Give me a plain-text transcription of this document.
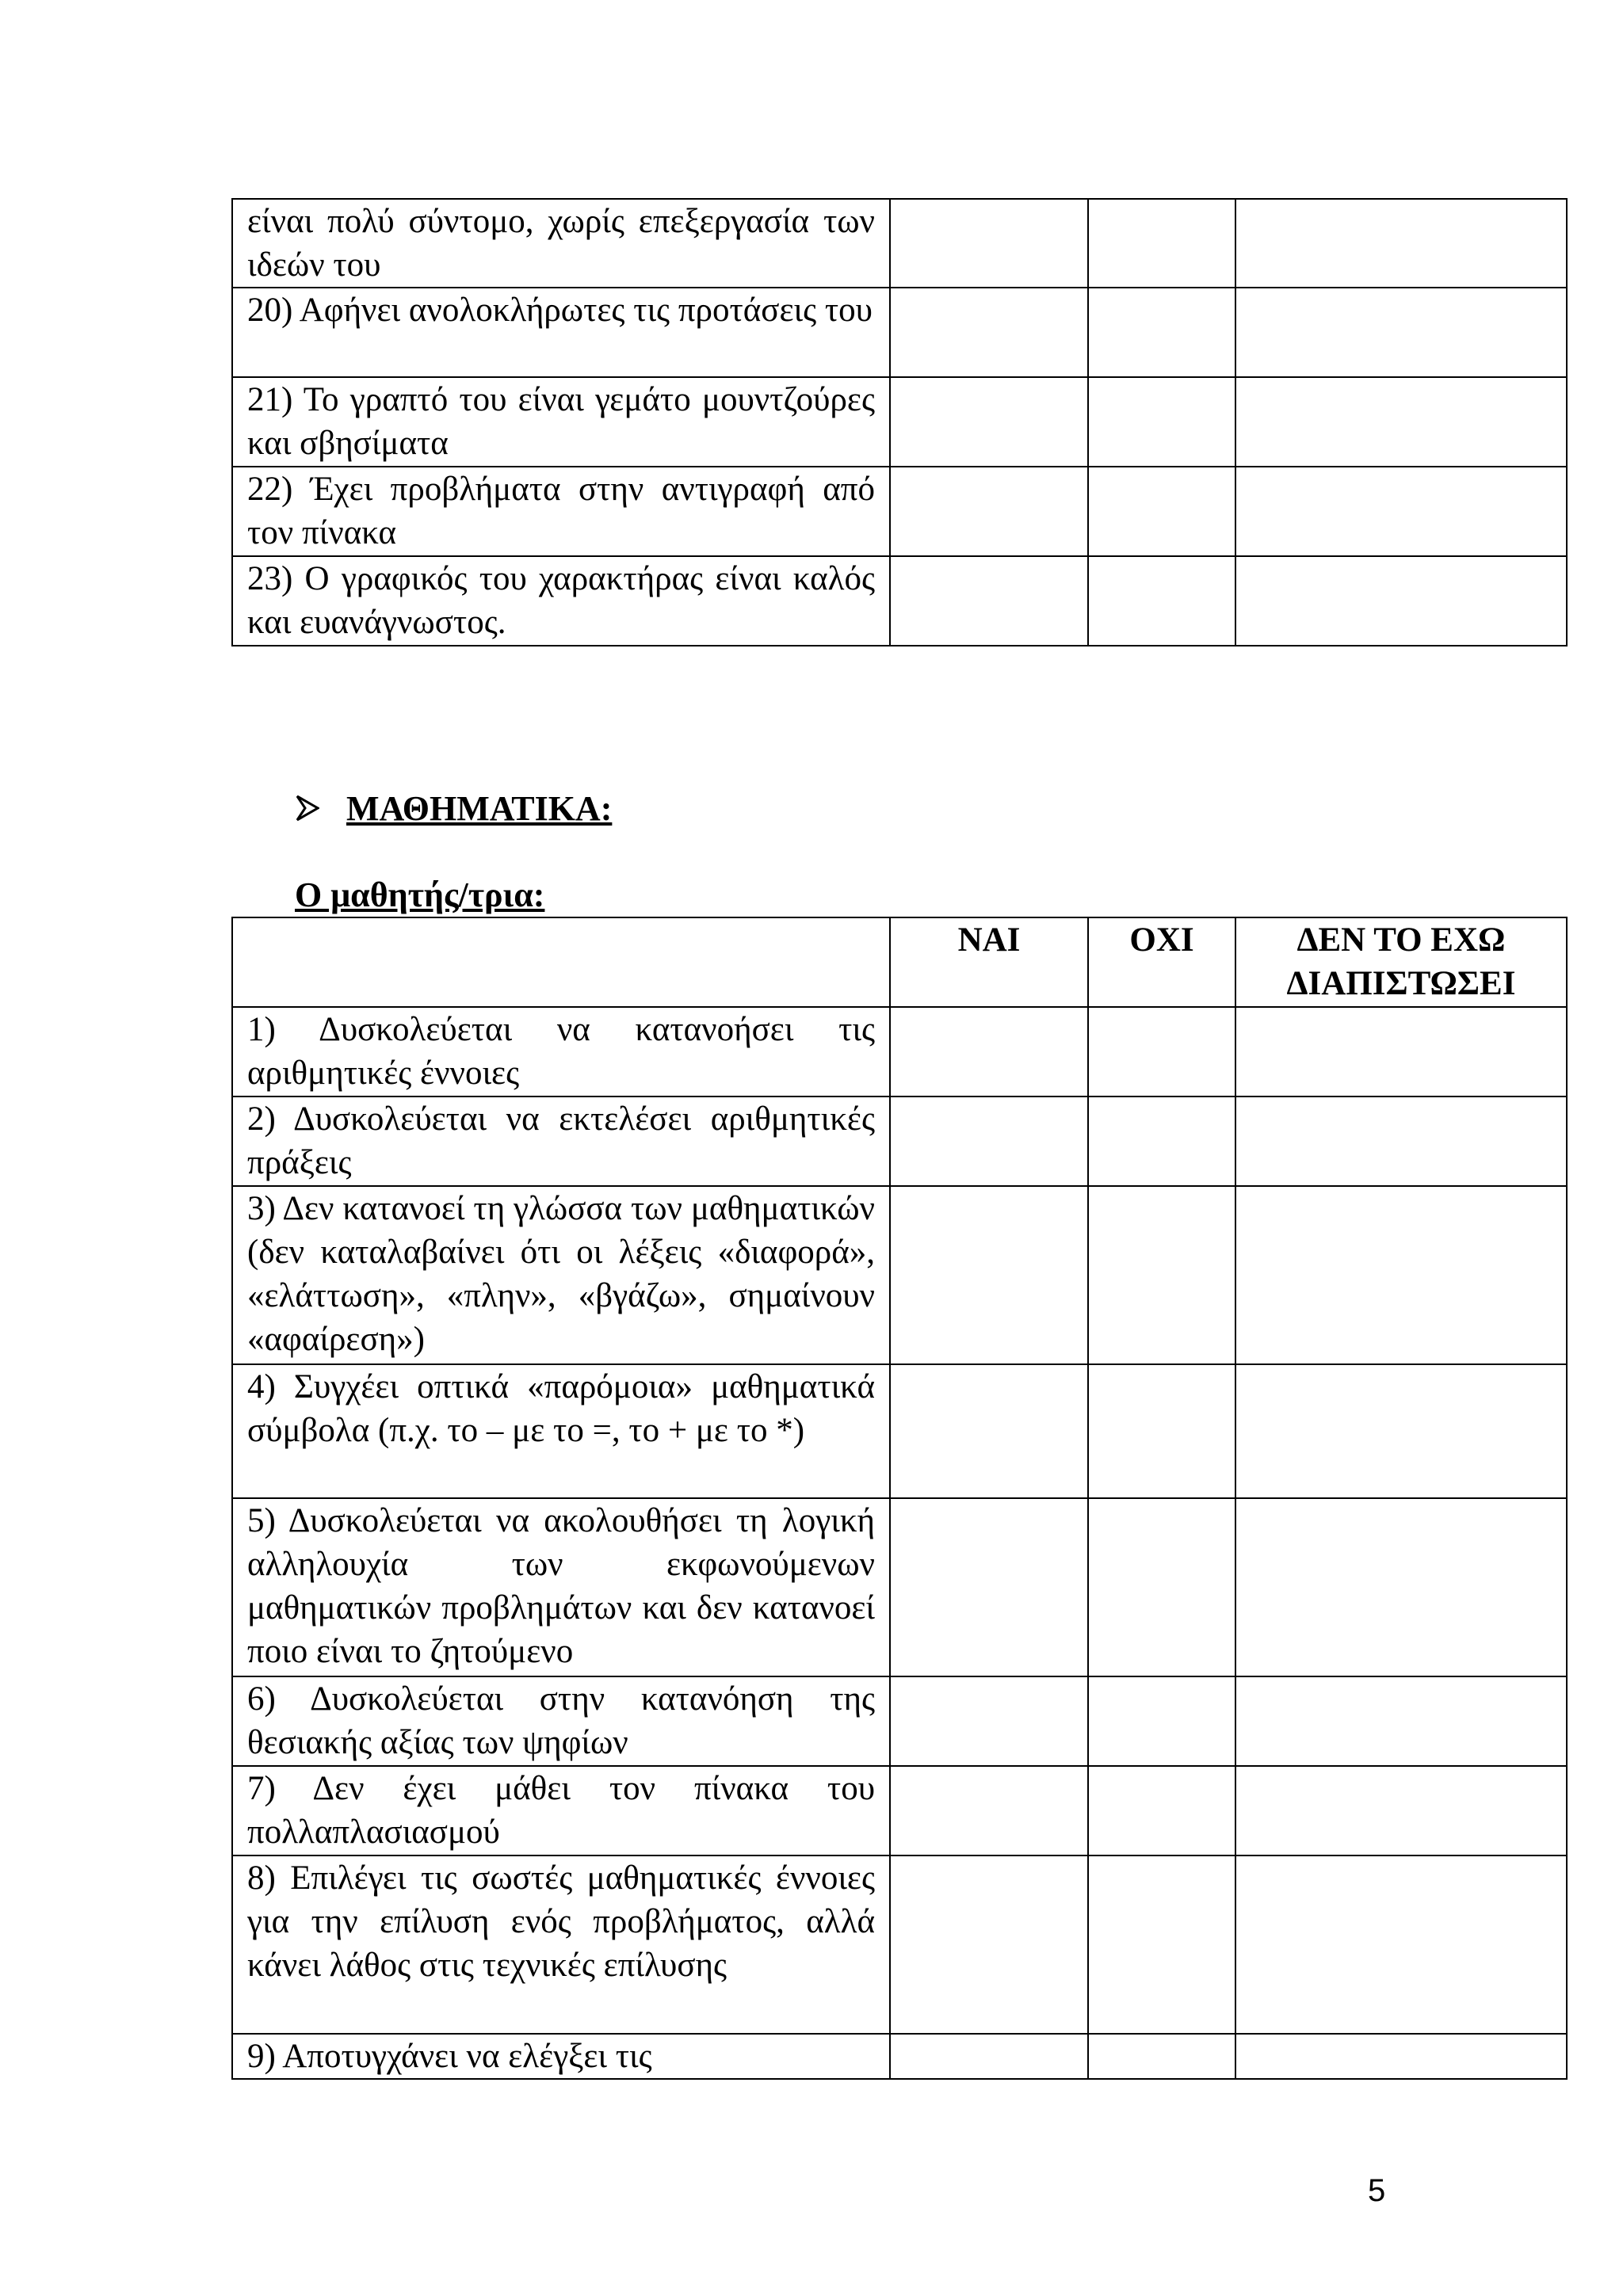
είναι πολύ σύντομο, χωρίς επεξεργασία των ιδεών του			
20) Αφήνει ανολοκλήρωτες τις προτάσεις του			
21) Το γραπτό του είναι γεμάτο μουντζούρες και σβησίματα			
22) Έχει προβλήματα στην αντιγραφή από τον πίνακα			
23) Ο γραφικός του χαρακτήρας είναι καλός και ευανάγνωστος.			
ΜΑΘΗΜΑΤΙΚΑ:
Ο μαθητής/τρια:
	ΝΑΙ	ΟΧΙ	ΔΕΝ ΤΟ ΕΧΩ ΔΙΑΠΙΣΤΩΣΕΙ
1) Δυσκολεύεται να κατανοήσει τις αριθμητικές έννοιες			
2) Δυσκολεύεται να εκτελέσει αριθμητικές πράξεις			
3) Δεν κατανοεί τη γλώσσα των μαθηματικών (δεν καταλαβαίνει ότι οι λέξεις «διαφορά», «ελάττωση», «πλην», «βγάζω», σημαίνουν «αφαίρεση»)			
4) Συγχέει οπτικά «παρόμοια» μαθηματικά σύμβολα (π.χ. το – με το =, το + με το *)			
5) Δυσκολεύεται να ακολουθήσει τη λογική αλληλουχία των εκφωνούμενων μαθηματικών προβλημάτων και δεν κατανοεί ποιο είναι το ζητούμενο			
6) Δυσκολεύεται στην κατανόηση της θεσιακής αξίας των ψηφίων			
7) Δεν έχει μάθει τον πίνακα του πολλαπλασιασμού			
8) Επιλέγει τις σωστές μαθηματικές έννοιες για την επίλυση ενός προβλήματος, αλλά κάνει λάθος στις τεχνικές επίλυσης			
9) Αποτυγχάνει να ελέγξει τις			
5
